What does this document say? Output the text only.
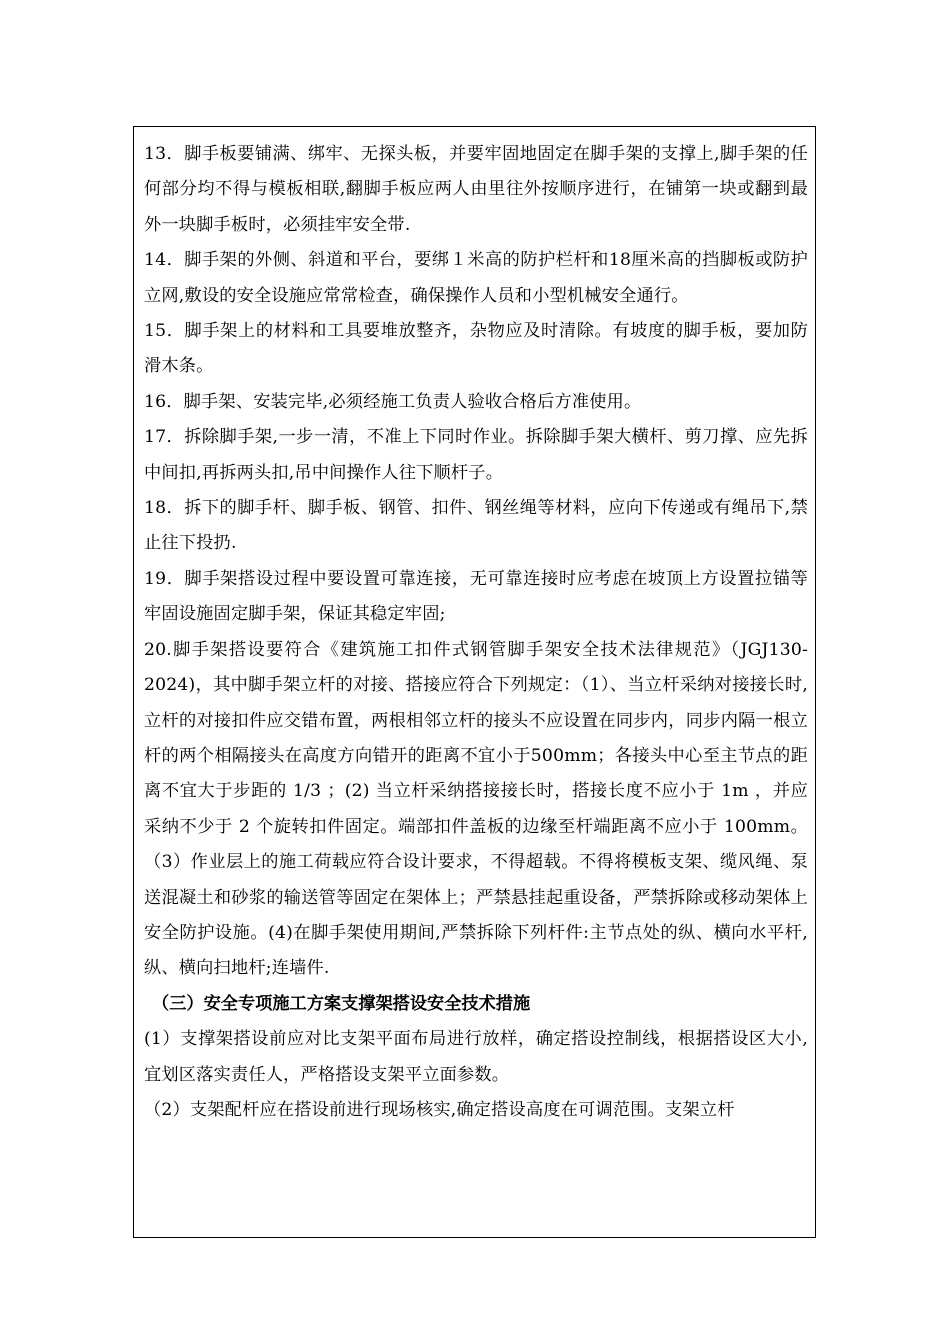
13．脚手板要铺满、绑牢、无探头板，并要牢固地固定在脚手架的支撑上,脚手架的任何部分均不得与模板相联,翻脚手板应两人由里往外按顺序进行，在铺第一块或翻到最外一块脚手板时，必须挂牢安全带.

14．脚手架的外侧、斜道和平台，要绑１米高的防护栏杆和18厘米高的挡脚板或防护立网,敷设的安全设施应常常检查，确保操作人员和小型机械安全通行。

15．脚手架上的材料和工具要堆放整齐，杂物应及时清除。有坡度的脚手板，要加防滑木条。

16．脚手架、安装完毕,必须经施工负责人验收合格后方准使用。

17．拆除脚手架,一步一清，不准上下同时作业。拆除脚手架大横杆、剪刀撑、应先拆中间扣,再拆两头扣,吊中间操作人往下顺杆子。

18．拆下的脚手杆、脚手板、钢管、扣件、钢丝绳等材料，应向下传递或有绳吊下,禁止往下投扔.

19．脚手架搭设过程中要设置可靠连接，无可靠连接时应考虑在坡顶上方设置拉锚等牢固设施固定脚手架，保证其稳定牢固;

20.脚手架搭设要符合《建筑施工扣件式钢管脚手架安全技术法律规范》（JGJ130-2024)，其中脚手架立杆的对接、搭接应符合下列规定：（1）、当立杆采纳对接接长时,立杆的对接扣件应交错布置，两根相邻立杆的接头不应设置在同步内，同步内隔一根立杆的两个相隔接头在高度方向错开的距离不宜小于500mm；各接头中心至主节点的距离不宜大于步距的 1/3 ；(2) 当立杆采纳搭接接长时，搭接长度不应小于 1m ，并应采纳不少于 2 个旋转扣件固定。端部扣件盖板的边缘至杆端距离不应小于 100mm。（3）作业层上的施工荷载应符合设计要求，不得超载。不得将模板支架、缆风绳、泵送混凝土和砂浆的输送管等固定在架体上；严禁悬挂起重设备，严禁拆除或移动架体上安全防护设施。(4)在脚手架使用期间,严禁拆除下列杆件:主节点处的纵、横向水平杆,纵、横向扫地杆;连墙件.

（三）安全专项施工方案支撑架搭设安全技术措施

(1）支撑架搭设前应对比支架平面布局进行放样，确定搭设控制线，根据搭设区大小,宜划区落实责任人，严格搭设支架平立面参数。

（2）支架配杆应在搭设前进行现场核实,确定搭设高度在可调范围。支架立杆
